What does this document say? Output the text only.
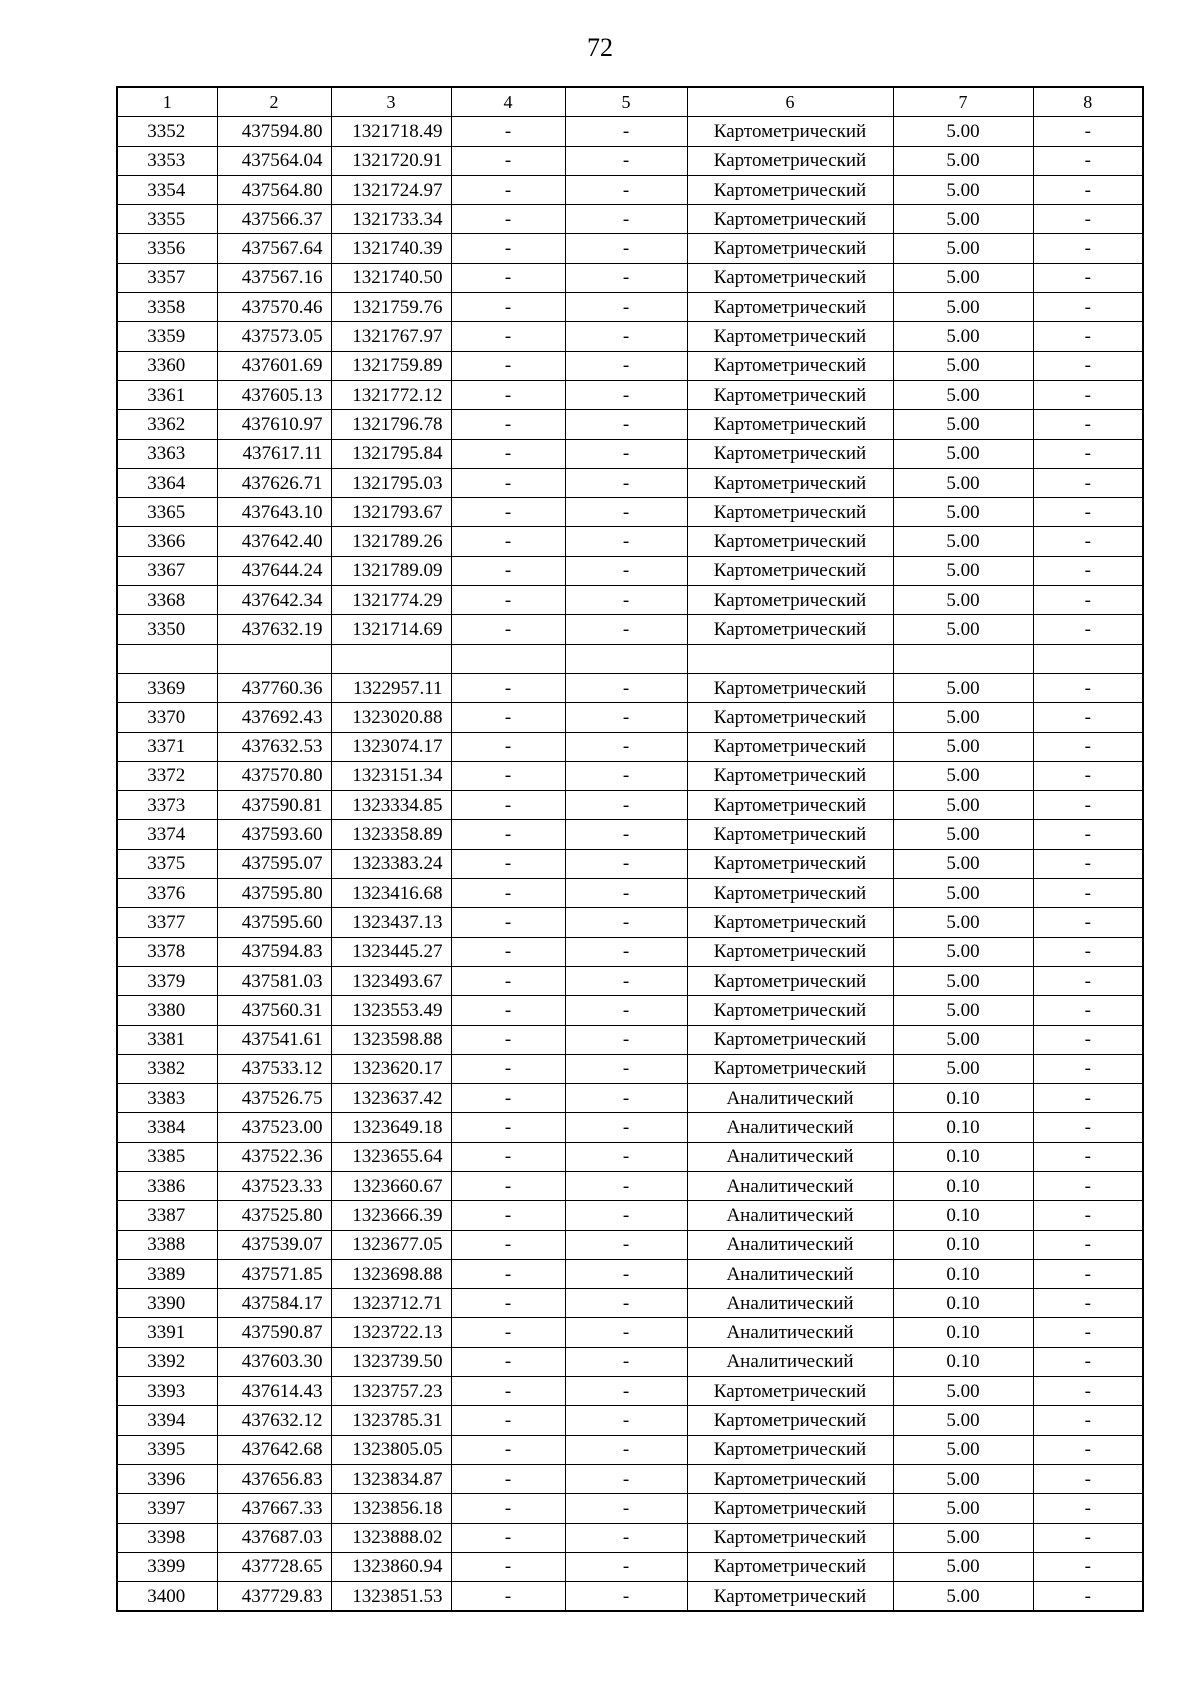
72
1	2	3	4	5	6	7	8
3352	437594.80	1321718.49	-	-	Картометрический	5.00	-
3353	437564.04	1321720.91	-	-	Картометрический	5.00	-
3354	437564.80	1321724.97	-	-	Картометрический	5.00	-
3355	437566.37	1321733.34	-	-	Картометрический	5.00	-
3356	437567.64	1321740.39	-	-	Картометрический	5.00	-
3357	437567.16	1321740.50	-	-	Картометрический	5.00	-
3358	437570.46	1321759.76	-	-	Картометрический	5.00	-
3359	437573.05	1321767.97	-	-	Картометрический	5.00	-
3360	437601.69	1321759.89	-	-	Картометрический	5.00	-
3361	437605.13	1321772.12	-	-	Картометрический	5.00	-
3362	437610.97	1321796.78	-	-	Картометрический	5.00	-
3363	437617.11	1321795.84	-	-	Картометрический	5.00	-
3364	437626.71	1321795.03	-	-	Картометрический	5.00	-
3365	437643.10	1321793.67	-	-	Картометрический	5.00	-
3366	437642.40	1321789.26	-	-	Картометрический	5.00	-
3367	437644.24	1321789.09	-	-	Картометрический	5.00	-
3368	437642.34	1321774.29	-	-	Картометрический	5.00	-
3350	437632.19	1321714.69	-	-	Картометрический	5.00	-

3369	437760.36	1322957.11	-	-	Картометрический	5.00	-
3370	437692.43	1323020.88	-	-	Картометрический	5.00	-
3371	437632.53	1323074.17	-	-	Картометрический	5.00	-
3372	437570.80	1323151.34	-	-	Картометрический	5.00	-
3373	437590.81	1323334.85	-	-	Картометрический	5.00	-
3374	437593.60	1323358.89	-	-	Картометрический	5.00	-
3375	437595.07	1323383.24	-	-	Картометрический	5.00	-
3376	437595.80	1323416.68	-	-	Картометрический	5.00	-
3377	437595.60	1323437.13	-	-	Картометрический	5.00	-
3378	437594.83	1323445.27	-	-	Картометрический	5.00	-
3379	437581.03	1323493.67	-	-	Картометрический	5.00	-
3380	437560.31	1323553.49	-	-	Картометрический	5.00	-
3381	437541.61	1323598.88	-	-	Картометрический	5.00	-
3382	437533.12	1323620.17	-	-	Картометрический	5.00	-
3383	437526.75	1323637.42	-	-	Аналитический	0.10	-
3384	437523.00	1323649.18	-	-	Аналитический	0.10	-
3385	437522.36	1323655.64	-	-	Аналитический	0.10	-
3386	437523.33	1323660.67	-	-	Аналитический	0.10	-
3387	437525.80	1323666.39	-	-	Аналитический	0.10	-
3388	437539.07	1323677.05	-	-	Аналитический	0.10	-
3389	437571.85	1323698.88	-	-	Аналитический	0.10	-
3390	437584.17	1323712.71	-	-	Аналитический	0.10	-
3391	437590.87	1323722.13	-	-	Аналитический	0.10	-
3392	437603.30	1323739.50	-	-	Аналитический	0.10	-
3393	437614.43	1323757.23	-	-	Картометрический	5.00	-
3394	437632.12	1323785.31	-	-	Картометрический	5.00	-
3395	437642.68	1323805.05	-	-	Картометрический	5.00	-
3396	437656.83	1323834.87	-	-	Картометрический	5.00	-
3397	437667.33	1323856.18	-	-	Картометрический	5.00	-
3398	437687.03	1323888.02	-	-	Картометрический	5.00	-
3399	437728.65	1323860.94	-	-	Картометрический	5.00	-
3400	437729.83	1323851.53	-	-	Картометрический	5.00	-
